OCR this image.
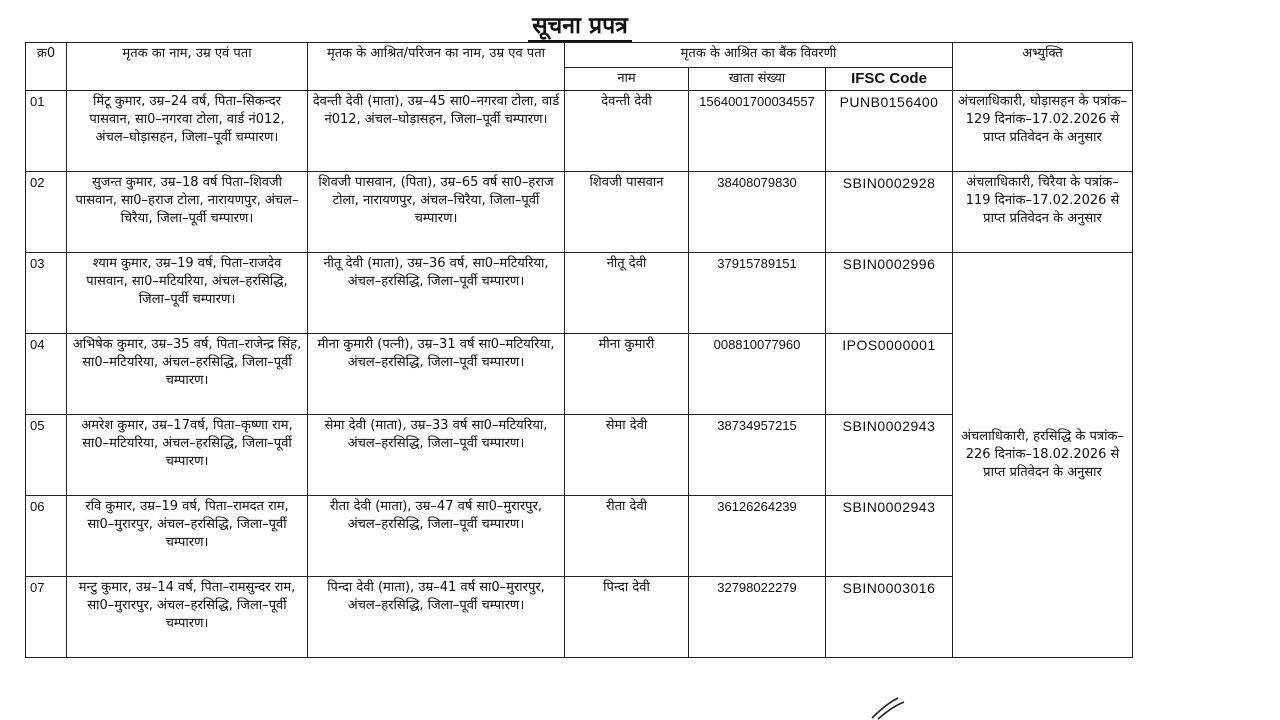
सूचना प्रपत्र
क्र0	मृतक का नाम, उम्र एवं पता	मृतक के आश्रित/परिजन का नाम, उम्र एव पता	मृतक के आश्रित का बैंक विवरणी			अभ्युक्ति
			नाम	खाता संख्या	IFSC Code	
01	मिंटू कुमार, उम्र–24 वर्ष, पिता–सिकन्दर पासवान, सा0–नगरवा टोला, वार्ड नं012, अंचल–घोड़ासहन, जिला–पूर्वी चम्पारण।	देवन्ती देवी (माता), उम्र–45 सा0–नगरवा टोला, वार्ड नं012, अंचल–घोड़ासहन, जिला–पूर्वी चम्पारण।	देवन्ती देवी	1564001700034557	PUNB0156400	अंचलाधिकारी, घोड़ासहन के पत्रांक–129 दिनांक–17.02.2026 से प्राप्त प्रतिवेदन के अनुसार
02	सुजन्त कुमार, उम्र–18 वर्ष पिता–शिवजी पासवान, सा0–हराज टोला, नारायणपुर, अंचल–चिरैया, जिला–पूर्वी चम्पारण।	शिवजी पासवान, (पिता), उम्र–65 वर्ष सा0–हराज टोला, नारायणपुर, अंचल–चिरैया, जिला–पूर्वी चम्पारण।	शिवजी पासवान	38408079830	SBIN0002928	अंचलाधिकारी, चिरैया के पत्रांक–119 दिनांक–17.02.2026 से प्राप्त प्रतिवेदन के अनुसार
03	श्याम कुमार, उम्र–19 वर्ष, पिता–राजदेव पासवान, सा0–मटियरिया, अंचल–हरसिद्धि, जिला–पूर्वी चम्पारण।	नीतू देवी (माता), उम्र–36 वर्ष, सा0–मटियरिया, अंचल–हरसिद्धि, जिला–पूर्वी चम्पारण।	नीतू देवी	37915789151	SBIN0002996	अंचलाधिकारी, हरसिद्धि के पत्रांक–226 दिनांक–18.02.2026 से प्राप्त प्रतिवेदन के अनुसार
04	अभिषेक कुमार, उम्र–35 वर्ष, पिता–राजेन्द्र सिंह, सा0–मटियरिया, अंचल–हरसिद्धि, जिला–पूर्वी चम्पारण।	मीना कुमारी (पत्नी), उम्र–31 वर्ष सा0–मटियरिया, अंचल–हरसिद्धि, जिला–पूर्वी चम्पारण।	मीना कुमारी	008810077960	IPOS0000001	
05	अमरेश कुमार, उम्र–17वर्ष, पिता–कृष्णा राम, सा0–मटियरिया, अंचल–हरसिद्धि, जिला–पूर्वी चम्पारण।	सेमा देवी (माता), उम्र–33 वर्ष सा0–मटियरिया, अंचल–हरसिद्धि, जिला–पूर्वी चम्पारण।	सेमा देवी	38734957215	SBIN0002943	
06	रवि कुमार, उम्र–19 वर्ष, पिता–रामदत राम, सा0–मुरारपुर, अंचल–हरसिद्धि, जिला–पूर्वी चम्पारण।	रीता देवी (माता), उम्र–47 वर्ष सा0–मुरारपुर, अंचल–हरसिद्धि, जिला–पूर्वी चम्पारण।	रीता देवी	36126264239	SBIN0002943	
07	मन्टु कुमार, उम्र–14 वर्ष, पिता–रामसुन्दर राम, सा0–मुरारपुर, अंचल–हरसिद्धि, जिला–पूर्वी चम्पारण।	पिन्दा देवी (माता), उम्र–41 वर्ष सा0–मुरारपुर, अंचल–हरसिद्धि, जिला–पूर्वी चम्पारण।	पिन्दा देवी	32798022279	SBIN0003016	
